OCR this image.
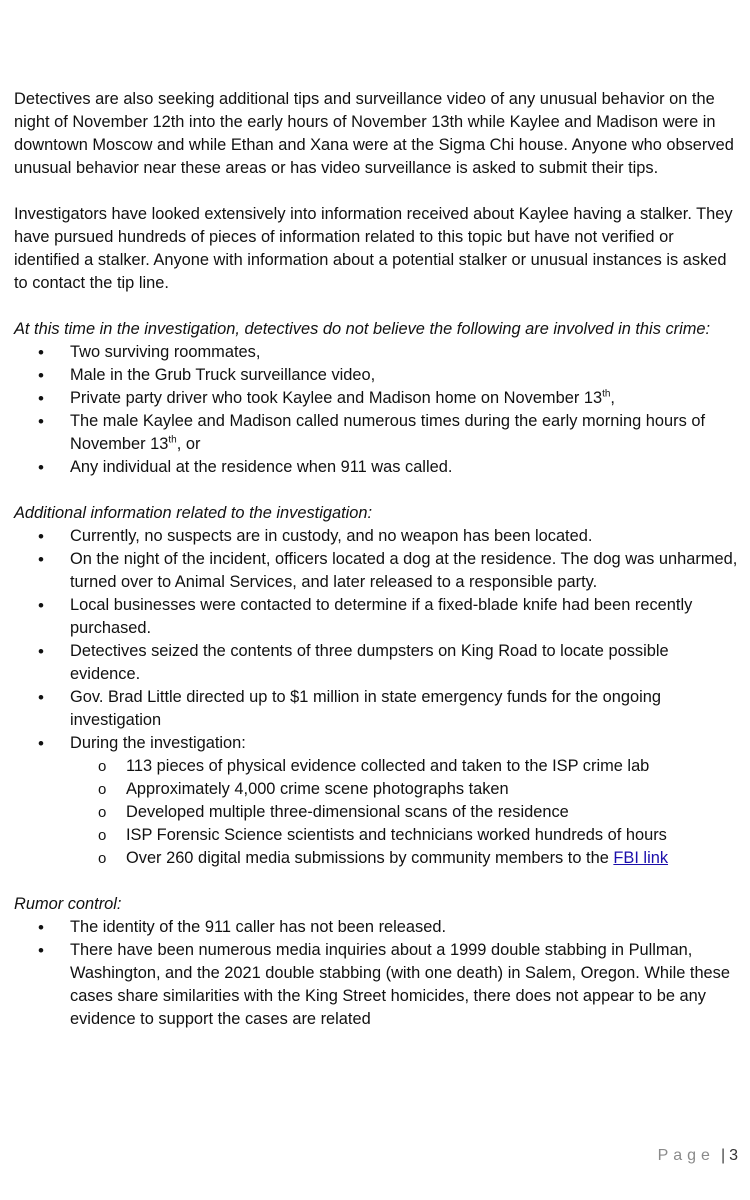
Detectives are also seeking additional tips and surveillance video of any unusual behavior on the night of November 12th into the early hours of November 13th while Kaylee and Madison were in downtown Moscow and while Ethan and Xana were at the Sigma Chi house. Anyone who observed unusual behavior near these areas or has video surveillance is asked to submit their tips.

Investigators have looked extensively into information received about Kaylee having a stalker. They have pursued hundreds of pieces of information related to this topic but have not verified or identified a stalker. Anyone with information about a potential stalker or unusual instances is asked to contact the tip line.

At this time in the investigation, detectives do not believe the following are involved in this crime:
• Two surviving roommates,
• Male in the Grub Truck surveillance video,
• Private party driver who took Kaylee and Madison home on November 13th,
• The male Kaylee and Madison called numerous times during the early morning hours of November 13th, or
• Any individual at the residence when 911 was called.
Additional information related to the investigation:
• Currently, no suspects are in custody, and no weapon has been located.
• On the night of the incident, officers located a dog at the residence. The dog was unharmed, turned over to Animal Services, and later released to a responsible party.
• Local businesses were contacted to determine if a fixed-blade knife had been recently purchased.
• Detectives seized the contents of three dumpsters on King Road to locate possible evidence.
• Gov. Brad Little directed up to $1 million in state emergency funds for the ongoing investigation
• During the investigation:
o 113 pieces of physical evidence collected and taken to the ISP crime lab
o Approximately 4,000 crime scene photographs taken
o Developed multiple three-dimensional scans of the residence
o ISP Forensic Science scientists and technicians worked hundreds of hours
o Over 260 digital media submissions by community members to the FBI link
Rumor control:
• The identity of the 911 caller has not been released.
• There have been numerous media inquiries about a 1999 double stabbing in Pullman, Washington, and the 2021 double stabbing (with one death) in Salem, Oregon. While these cases share similarities with the King Street homicides, there does not appear to be any evidence to support the cases are related
Page | 3
